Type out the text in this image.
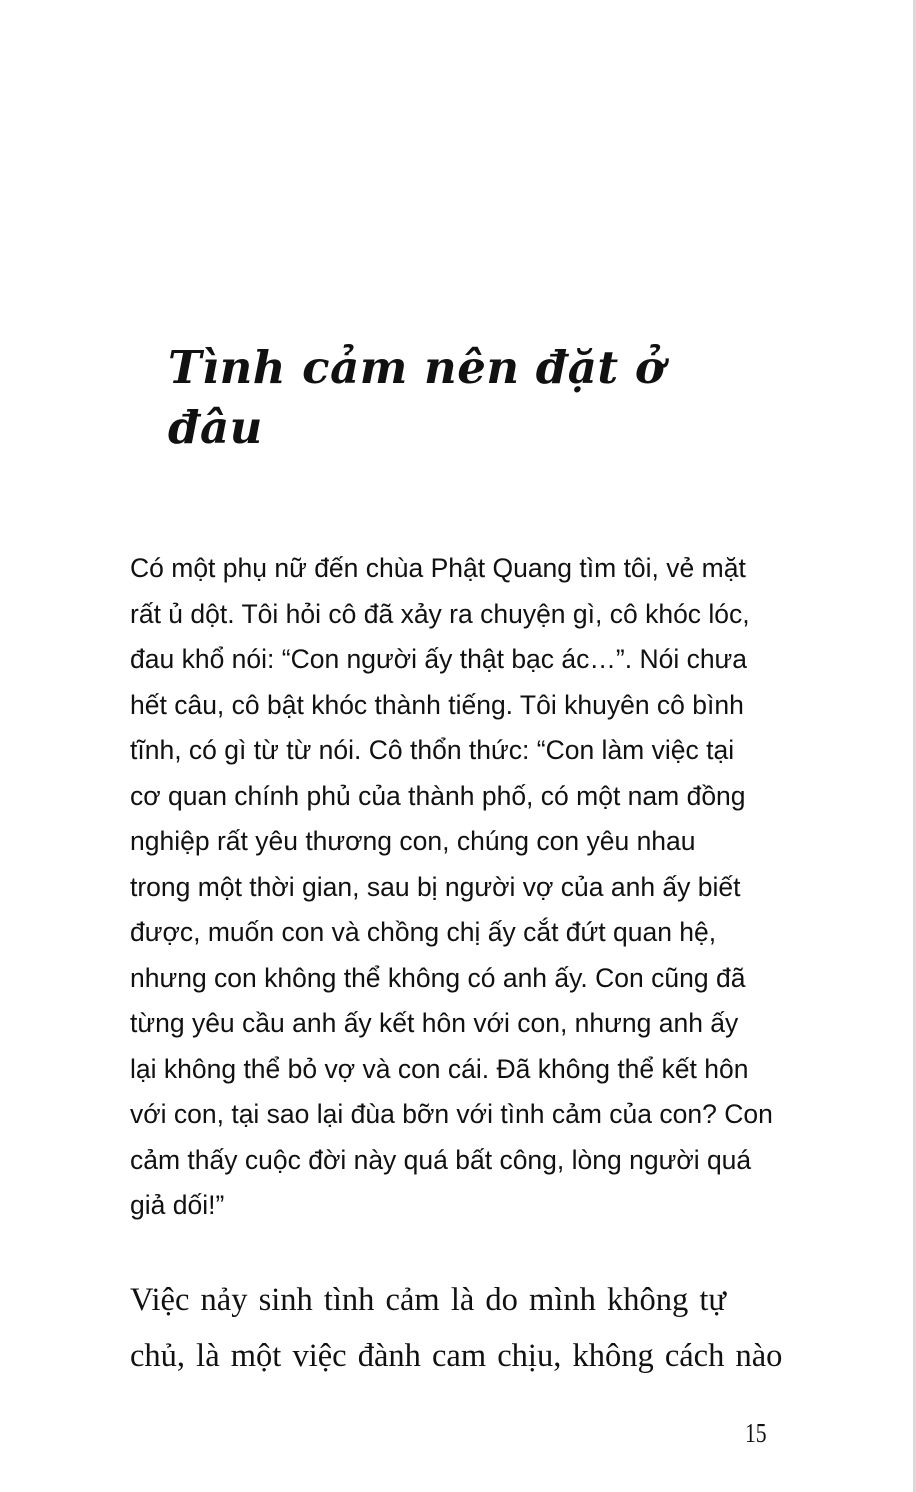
Tình cảm nên đặt ở đâu

Có một phụ nữ đến chùa Phật Quang tìm tôi, vẻ mặt
rất ủ dột. Tôi hỏi cô đã xảy ra chuyện gì, cô khóc lóc,
đau khổ nói: “Con người ấy thật bạc ác…”. Nói chưa
hết câu, cô bật khóc thành tiếng. Tôi khuyên cô bình
tĩnh, có gì từ từ nói. Cô thổn thức: “Con làm việc tại
cơ quan chính phủ của thành phố, có một nam đồng
nghiệp rất yêu thương con, chúng con yêu nhau
trong một thời gian, sau bị người vợ của anh ấy biết
được, muốn con và chồng chị ấy cắt đứt quan hệ,
nhưng con không thể không có anh ấy. Con cũng đã
từng yêu cầu anh ấy kết hôn với con, nhưng anh ấy
lại không thể bỏ vợ và con cái. Đã không thể kết hôn
với con, tại sao lại đùa bỡn với tình cảm của con? Con
cảm thấy cuộc đời này quá bất công, lòng người quá
giả dối!”

Việc nảy sinh tình cảm là do mình không tự
chủ, là một việc đành cam chịu, không cách nào

15
